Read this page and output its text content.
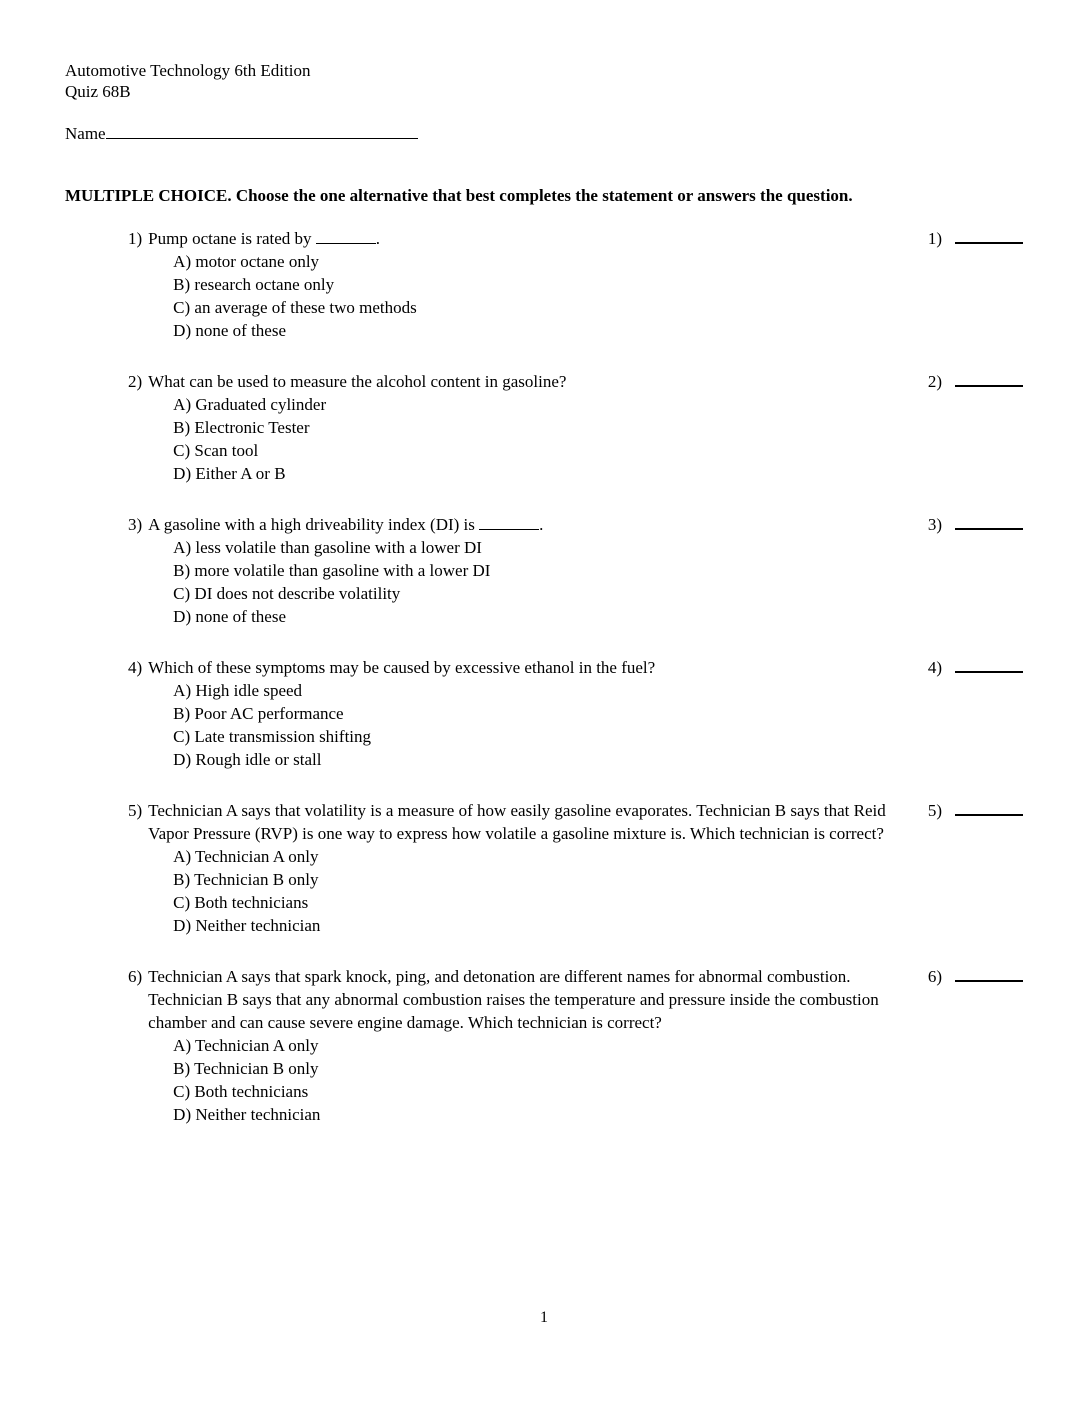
Automotive Technology 6th Edition
Quiz 68B
Name
MULTIPLE CHOICE. Choose the one alternative that best completes the statement or answers the question.
1) Pump octane is rated by	.
A) motor octane only
B) research octane only
C) an average of these two methods
D) none of these
1)
2) What can be used to measure the alcohol content in gasoline?
A) Graduated cylinder
B) Electronic Tester
C) Scan tool
D) Either A or B
2)
3) A gasoline with a high driveability index (DI) is	.
A) less volatile than gasoline with a lower DI
B) more volatile than gasoline with a lower DI
C) DI does not describe volatility
D) none of these
3)
4) Which of these symptoms may be caused by excessive ethanol in the fuel?
A) High idle speed
B) Poor AC performance
C) Late transmission shifting
D) Rough idle or stall
4)
5) Technician A says that volatility is a measure of how easily gasoline evaporates. Technician B says that Reid Vapor Pressure (RVP) is one way to express how volatile a gasoline mixture is. Which technician is correct?
A) Technician A only
B) Technician B only
C) Both technicians
D) Neither technician
5)
6) Technician A says that spark knock, ping, and detonation are different names for abnormal combustion. Technician B says that any abnormal combustion raises the temperature and pressure inside the combustion chamber and can cause severe engine damage. Which technician is correct?
A) Technician A only
B) Technician B only
C) Both technicians
D) Neither technician
6)
1
